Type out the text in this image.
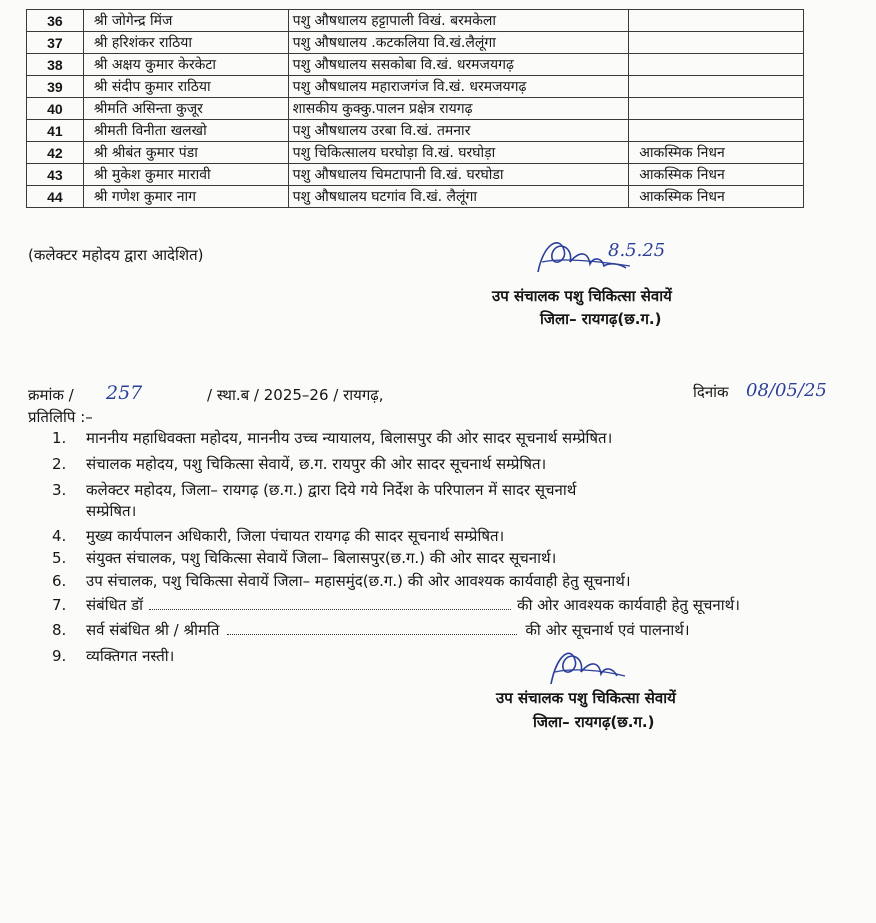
36	श्री जोगेन्द्र मिंज	पशु औषधालय हट्टापाली विखं. बरमकेला	
37	श्री हरिशंकर राठिया	पशु औषधालय .कटकलिया वि.खं.लैलूंगा	
38	श्री अक्षय कुमार केरकेटा	पशु औषधालय ससकोबा वि.खं. धरमजयगढ़	
39	श्री संदीप कुमार राठिया	पशु औषधालय महाराजगंज वि.खं. धरमजयगढ़	
40	श्रीमति असिन्ता कुजूर	शासकीय कुक्कु.पालन प्रक्षेत्र रायगढ़	
41	श्रीमती विनीता खलखो	पशु औषधालय उरबा वि.खं. तमनार	
42	श्री श्रीबंत कुमार पंडा	पशु चिकित्सालय घरघोड़ा वि.खं. घरघोड़ा	आकस्मिक निधन
43	श्री मुकेश कुमार मारावी	पशु औषधालय चिमटापानी वि.खं. घरघोडा	आकस्मिक निधन
44	श्री गणेश कुमार नाग	पशु औषधालय घटगांव वि.खं. लैलूंगा	आकस्मिक निधन
(कलेक्टर महोदय द्वारा आदेशित)	8.5.25
उप संचालक पशु चिकित्सा सेवायें
जिला– रायगढ़(छ.ग.)
क्रमांक / 257	/ स्था.ब / 2025–26 / रायगढ़,	दिनांक 08/05/25
प्रतिलिपि :–
1. माननीय महाधिवक्ता महोदय, माननीय उच्च न्यायालय, बिलासपुर की ओर सादर सूचनार्थ सम्प्रेषित।
2. संचालक महोदय, पशु चिकित्सा सेवायें, छ.ग. रायपुर की ओर सादर सूचनार्थ सम्प्रेषित।
3. कलेक्टर महोदय, जिला– रायगढ़ (छ.ग.) द्वारा दिये गये निर्देश के परिपालन में सादर सूचनार्थ
सम्प्रेषित।
4. मुख्य कार्यपालन अधिकारी, जिला पंचायत रायगढ़ की सादर सूचनार्थ सम्प्रेषित।
5. संयुक्त संचालक, पशु चिकित्सा सेवायें जिला– बिलासपुर(छ.ग.) की ओर सादर सूचनार्थ।
6. उप संचालक, पशु चिकित्सा सेवायें जिला– महासमुंद(छ.ग.) की ओर आवश्यक कार्यवाही हेतु सूचनार्थ।
7. संबंधित डॉ	की ओर आवश्यक कार्यवाही हेतु सूचनार्थ।
8. सर्व संबंधित श्री / श्रीमति	की ओर सूचनार्थ एवं पालनार्थ।
9. व्यक्तिगत नस्ती।
उप संचालक पशु चिकित्सा सेवायें
जिला– रायगढ़(छ.ग.)
